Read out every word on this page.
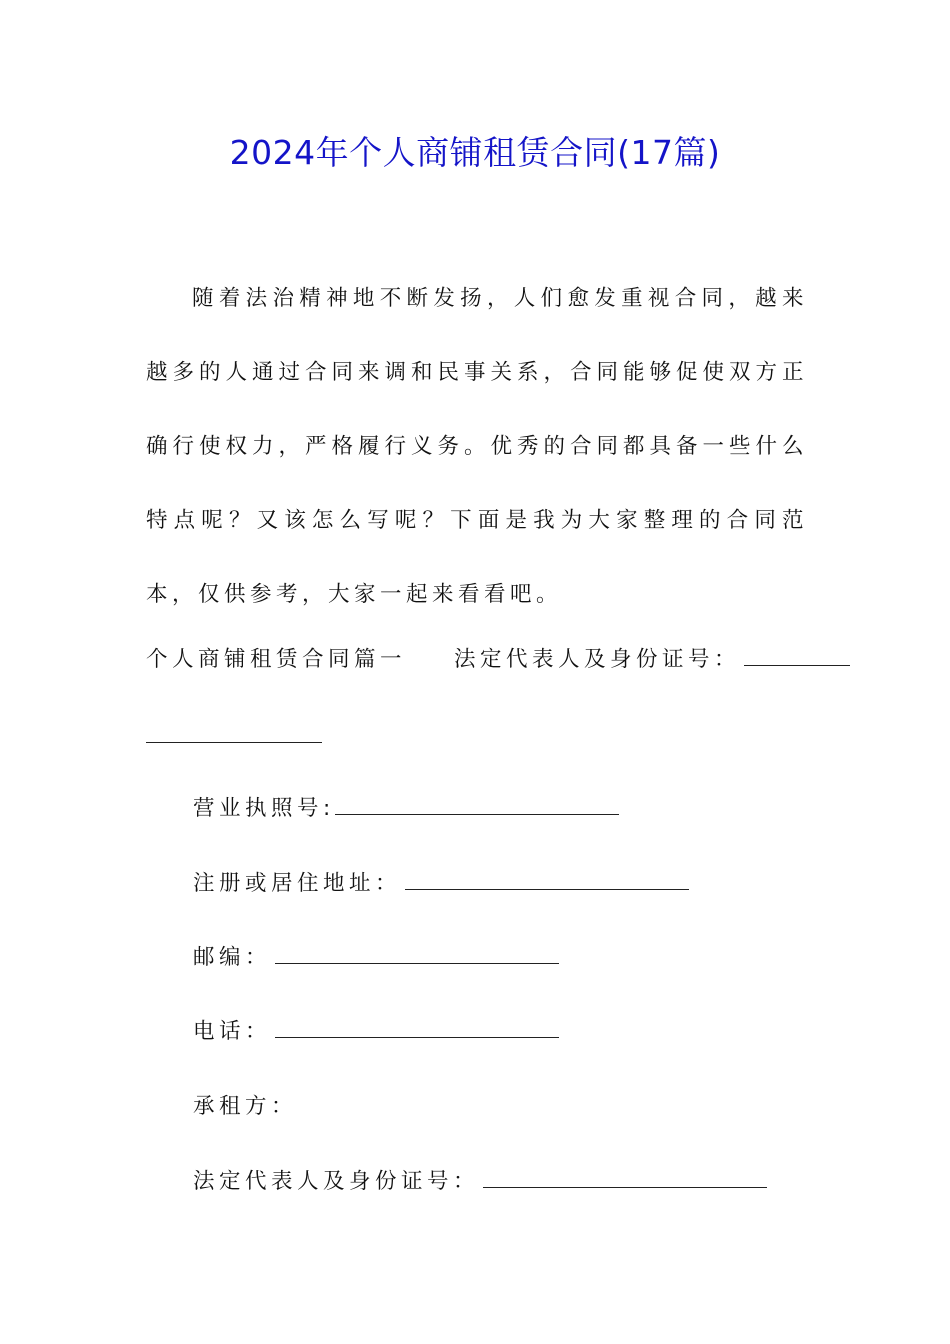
2024年个人商铺租赁合同(17篇)

随着法治精神地不断发扬，人们愈发重视合同，越来越多的人通过合同来调和民事关系，合同能够促使双方正确行使权力，严格履行义务。优秀的合同都具备一些什么特点呢？又该怎么写呢？下面是我为大家整理的合同范本，仅供参考，大家一起来看看吧。

个人商铺租赁合同篇一 法定代表人及身份证号：
营业执照号:
注册或居住地址：
邮编：
电话：
承租方：
法定代表人及身份证号：
